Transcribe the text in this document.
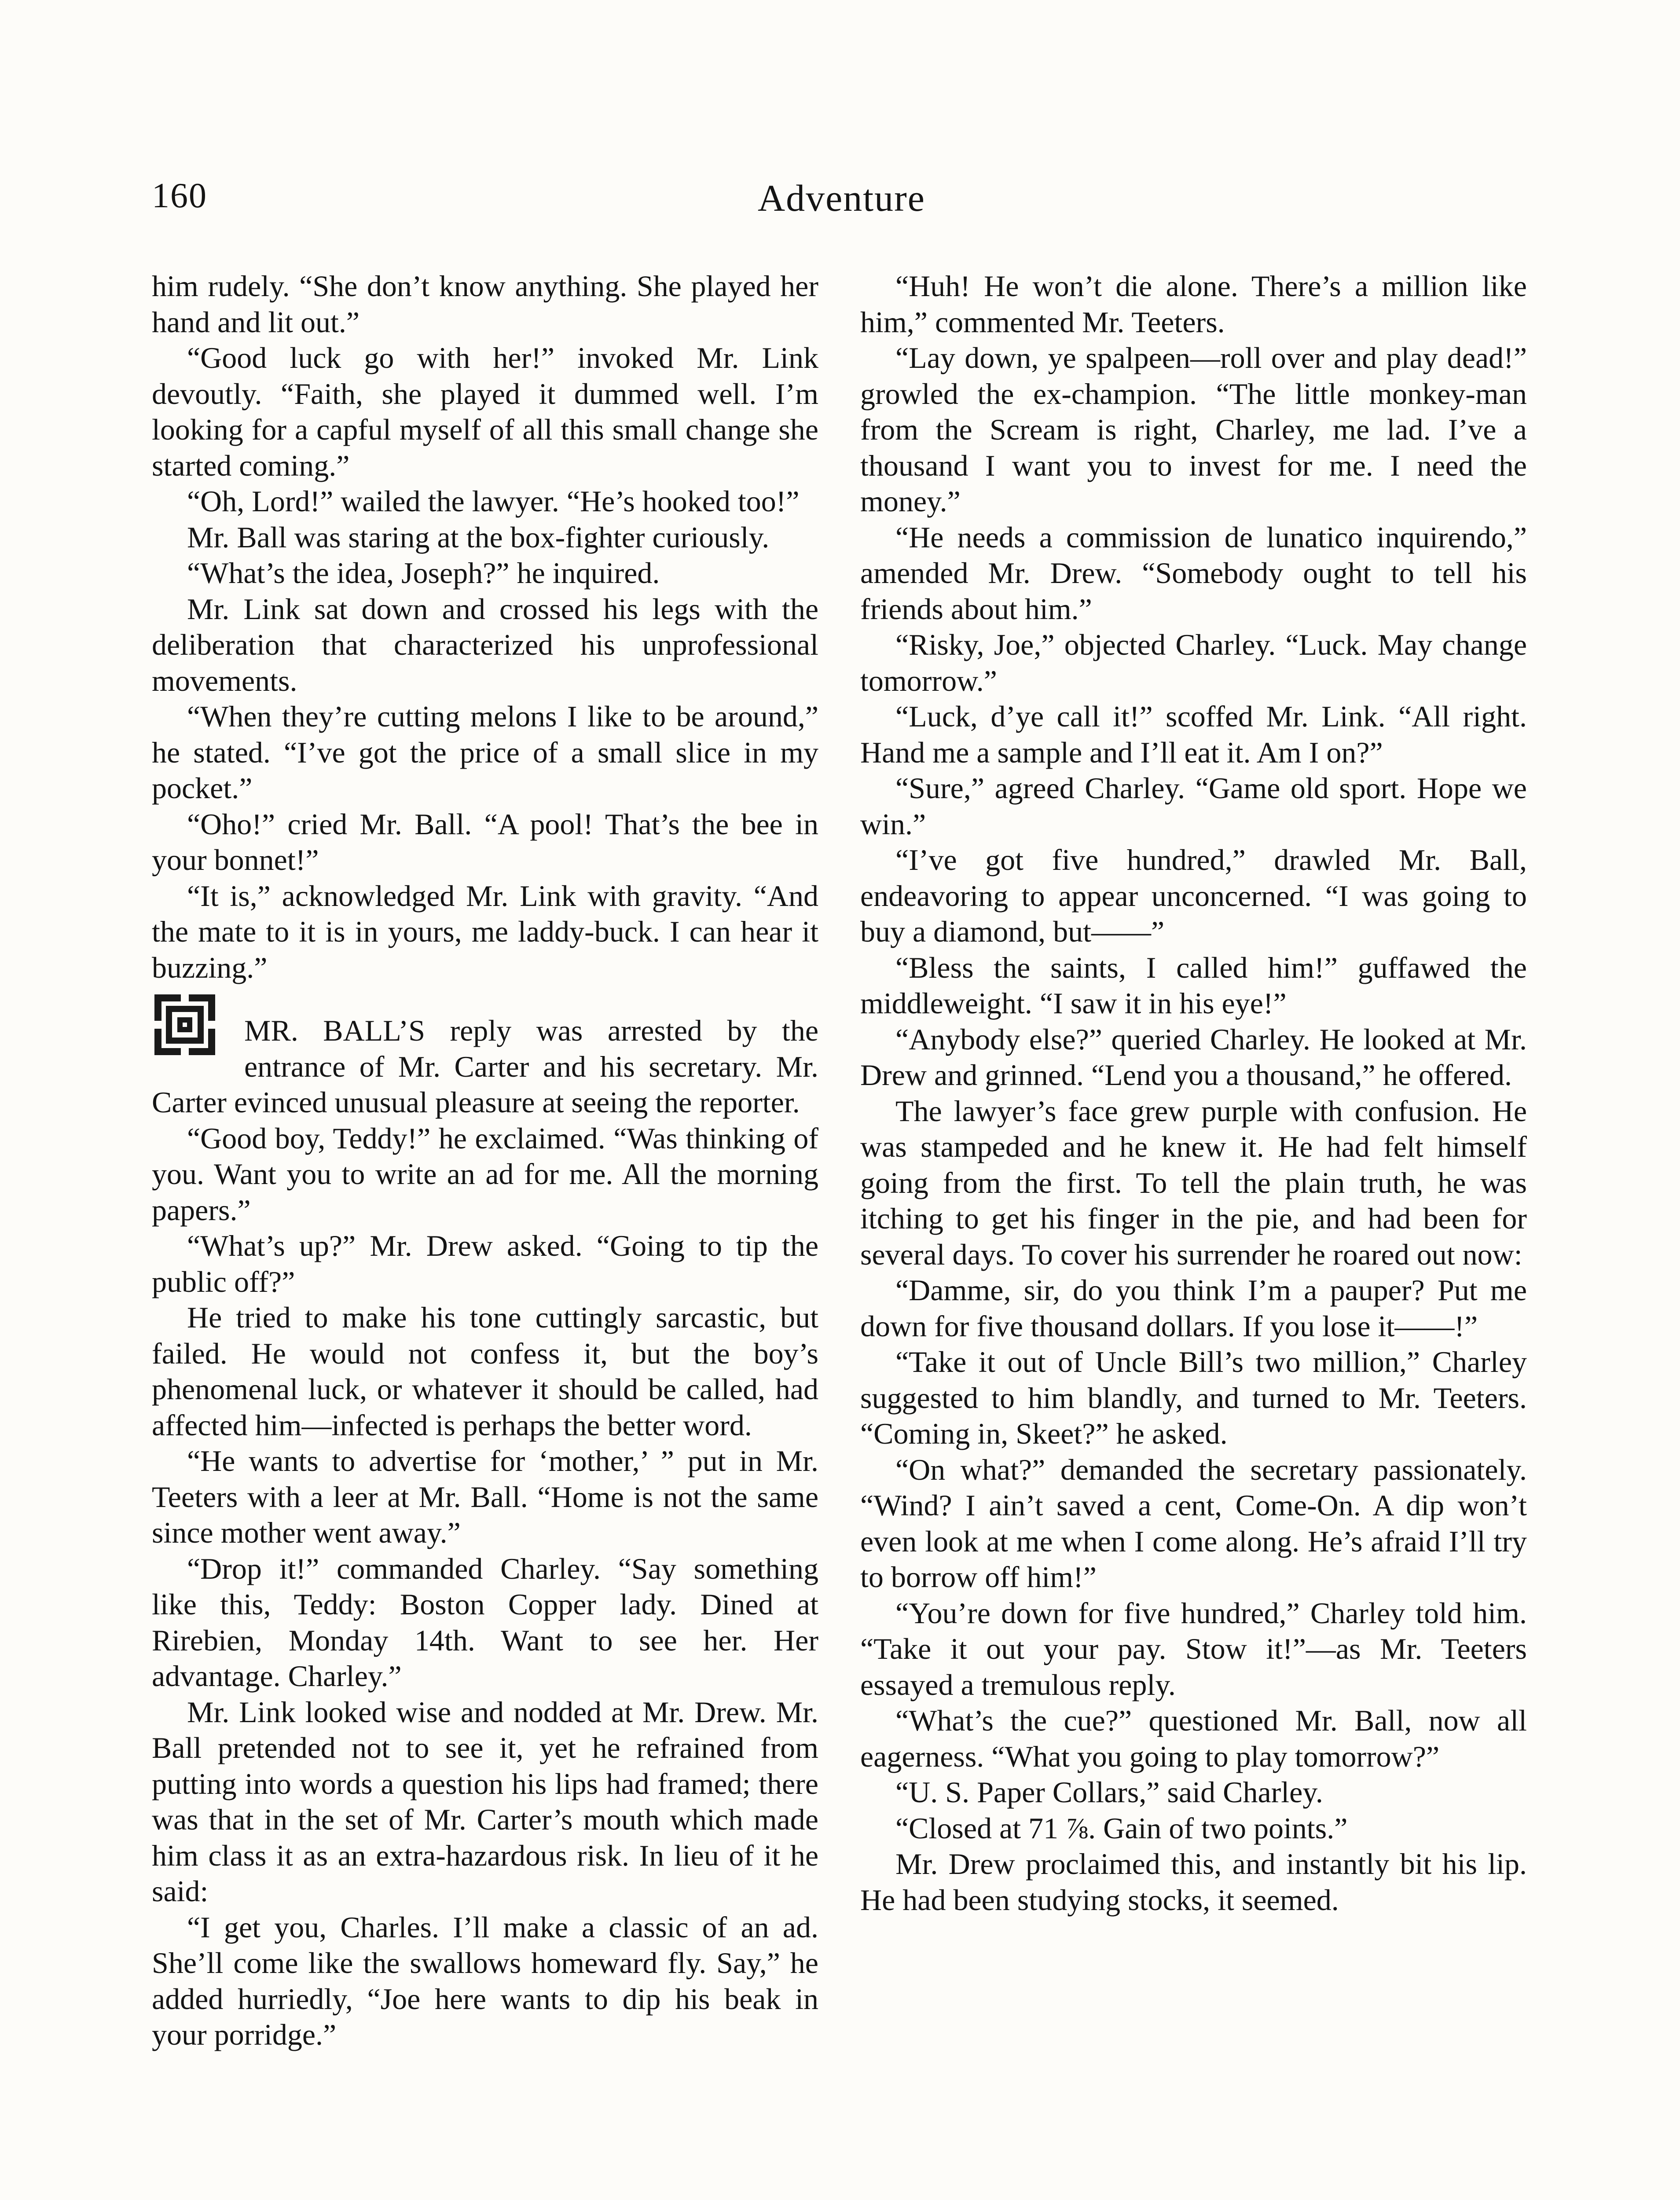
160	Adventure

him rudely. “She don’t know anything. She played her hand and lit out.”

“Good luck go with her!” invoked Mr. Link devoutly. “Faith, she played it dummed well. I’m looking for a capful myself of all this small change she started coming.”

“Oh, Lord!” wailed the lawyer. “He’s hooked too!”

Mr. Ball was staring at the box-fighter curiously.

“What’s the idea, Joseph?” he inquired.

Mr. Link sat down and crossed his legs with the deliberation that characterized his unprofessional movements.

“When they’re cutting melons I like to be around,” he stated. “I’ve got the price of a small slice in my pocket.”

“Oho!” cried Mr. Ball. “A pool! That’s the bee in your bonnet!”

“It is,” acknowledged Mr. Link with gravity. “And the mate to it is in yours, me laddy-buck. I can hear it buzzing.”

MR. BALL’S reply was arrested by the entrance of Mr. Carter and his secretary. Mr. Carter evinced unusual pleasure at seeing the reporter.

“Good boy, Teddy!” he exclaimed. “Was thinking of you. Want you to write an ad for me. All the morning papers.”

“What’s up?” Mr. Drew asked. “Going to tip the public off?”

He tried to make his tone cuttingly sarcastic, but failed. He would not confess it, but the boy’s phenomenal luck, or whatever it should be called, had affected him—infected is perhaps the better word.

“He wants to advertise for ‘mother,’ ” put in Mr. Teeters with a leer at Mr. Ball. “Home is not the same since mother went away.”

“Drop it!” commanded Charley. “Say something like this, Teddy: Boston Copper lady. Dined at Rirebien, Monday 14th. Want to see her. Her advantage. Charley.”

Mr. Link looked wise and nodded at Mr. Drew. Mr. Ball pretended not to see it, yet he refrained from putting into words a question his lips had framed; there was that in the set of Mr. Carter’s mouth which made him class it as an extra-hazardous risk. In lieu of it he said:

“I get you, Charles. I’ll make a classic of an ad. She’ll come like the swallows homeward fly. Say,” he added hurriedly, “Joe here wants to dip his beak in your porridge.”

“Huh! He won’t die alone. There’s a million like him,” commented Mr. Teeters.

“Lay down, ye spalpeen—roll over and play dead!” growled the ex-champion. “The little monkey-man from the Scream is right, Charley, me lad. I’ve a thousand I want you to invest for me. I need the money.”

“He needs a commission de lunatico inquirendo,” amended Mr. Drew. “Somebody ought to tell his friends about him.”

“Risky, Joe,” objected Charley. “Luck. May change tomorrow.”

“Luck, d’ye call it!” scoffed Mr. Link. “All right. Hand me a sample and I’ll eat it. Am I on?”

“Sure,” agreed Charley. “Game old sport. Hope we win.”

“I’ve got five hundred,” drawled Mr. Ball, endeavoring to appear unconcerned. “I was going to buy a diamond, but——”

“Bless the saints, I called him!” guffawed the middleweight. “I saw it in his eye!”

“Anybody else?” queried Charley. He looked at Mr. Drew and grinned. “Lend you a thousand,” he offered.

The lawyer’s face grew purple with confusion. He was stampeded and he knew it. He had felt himself going from the first. To tell the plain truth, he was itching to get his finger in the pie, and had been for several days. To cover his surrender he roared out now:

“Damme, sir, do you think I’m a pauper? Put me down for five thousand dollars. If you lose it——!”

“Take it out of Uncle Bill’s two million,” Charley suggested to him blandly, and turned to Mr. Teeters. “Coming in, Skeet?” he asked.

“On what?” demanded the secretary passionately. “Wind? I ain’t saved a cent, Come-On. A dip won’t even look at me when I come along. He’s afraid I’ll try to borrow off him!”

“You’re down for five hundred,” Charley told him. “Take it out your pay. Stow it!”—as Mr. Teeters essayed a tremulous reply.

“What’s the cue?” questioned Mr. Ball, now all eagerness. “What you going to play tomorrow?”

“U. S. Paper Collars,” said Charley.

“Closed at 71 ⅞. Gain of two points.”

Mr. Drew proclaimed this, and instantly bit his lip. He had been studying stocks, it seemed.
